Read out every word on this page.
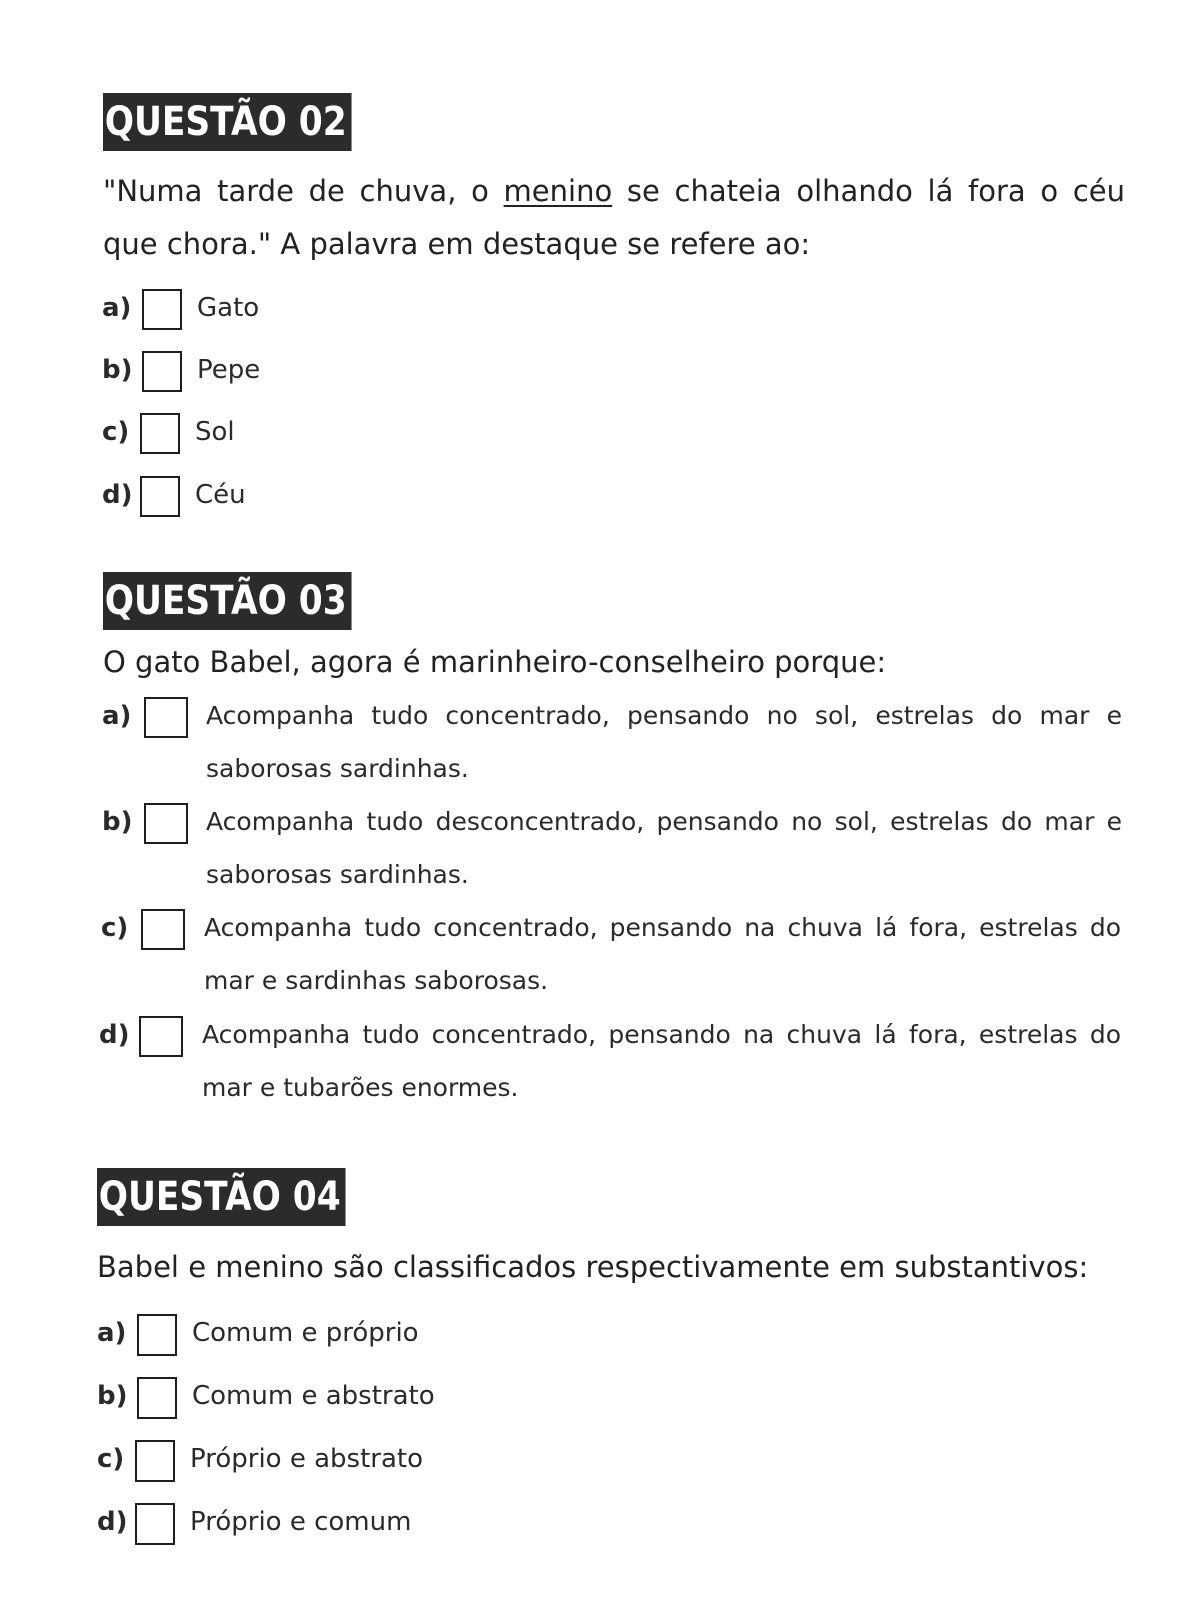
QUESTÃO 02
"Numa tarde de chuva, o menino se chateia olhando lá fora o céu
que chora." A palavra em destaque se refere ao:
a)	Gato
b) Pepe
c)	Sol
d) Céu
QUESTÃO 03
O gato Babel, agora é marinheiro-conselheiro porque:
a)	Acompanha tudo concentrado, pensando no sol, estrelas do mar e
saborosas sardinhas.
b)	Acompanha tudo desconcentrado, pensando no sol, estrelas do mar e
saborosas sardinhas.
c)	Acompanha tudo concentrado, pensando na chuva lá fora, estrelas do
mar e sardinhas saborosas.
d)	Acompanha tudo concentrado, pensando na chuva lá fora, estrelas do
mar e tubarões enormes.
QUESTÃO 04
Babel e menino são classificados respectivamente em substantivos:
a)	Comum e próprio
b) Comum e abstrato
c)	Próprio e abstrato
d) Próprio e comum
